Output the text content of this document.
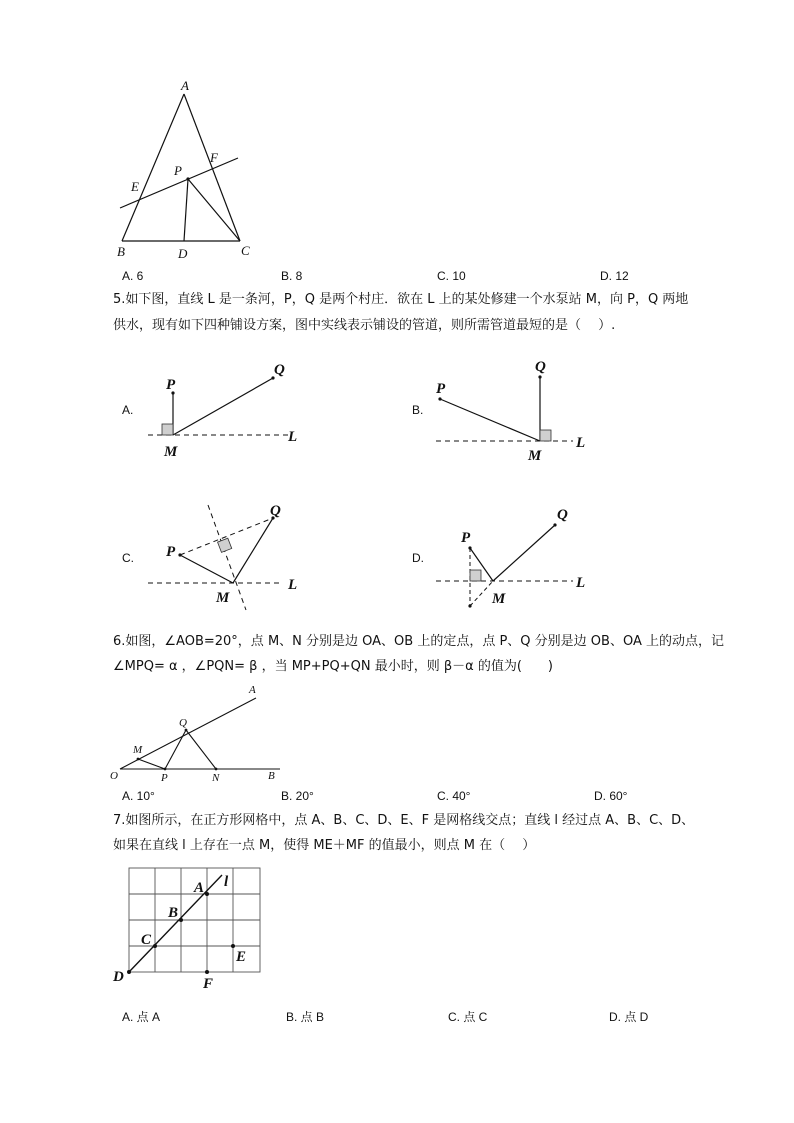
A
B	C
D
E
F
P
A. 6	B. 8	C. 10	D. 12
5.如下图，直线 L 是一条河，P，Q 是两个村庄．欲在 L 上的某处修建一个水泵站 M，向 P，Q 两地
供水，现有如下四种铺设方案，图中实线表示铺设的管道，则所需管道最短的是（　 ）.
A.
P
Q
M
L
B.
P
Q
M
L
C. P
Q
M
L
D.
P
Q
M
L
6.如图，∠AOB=20°，点 M、N 分别是边 OA、OB 上的定点，点 P、Q 分别是边 OB、OA 上的动点，记
∠MPQ= α ，∠PQN= β ，当 MP+PQ+QN 最小时，则 β－α 的值为(　　)
A
B
O
M
P
Q
N
A. 10°	B. 20°	C. 40°	D. 60°
7.如图所示，在正方形网格中，点 A、B、C、D、E、F 是网格线交点；直线 l 经过点 A、B、C、D、
如果在直线 l 上存在一点 M，使得 ME＋MF 的值最小，则点 M 在（　 ）
A
B
C
D
E
F
l
A. 点 A	B. 点 B	C. 点 C	D. 点 D
